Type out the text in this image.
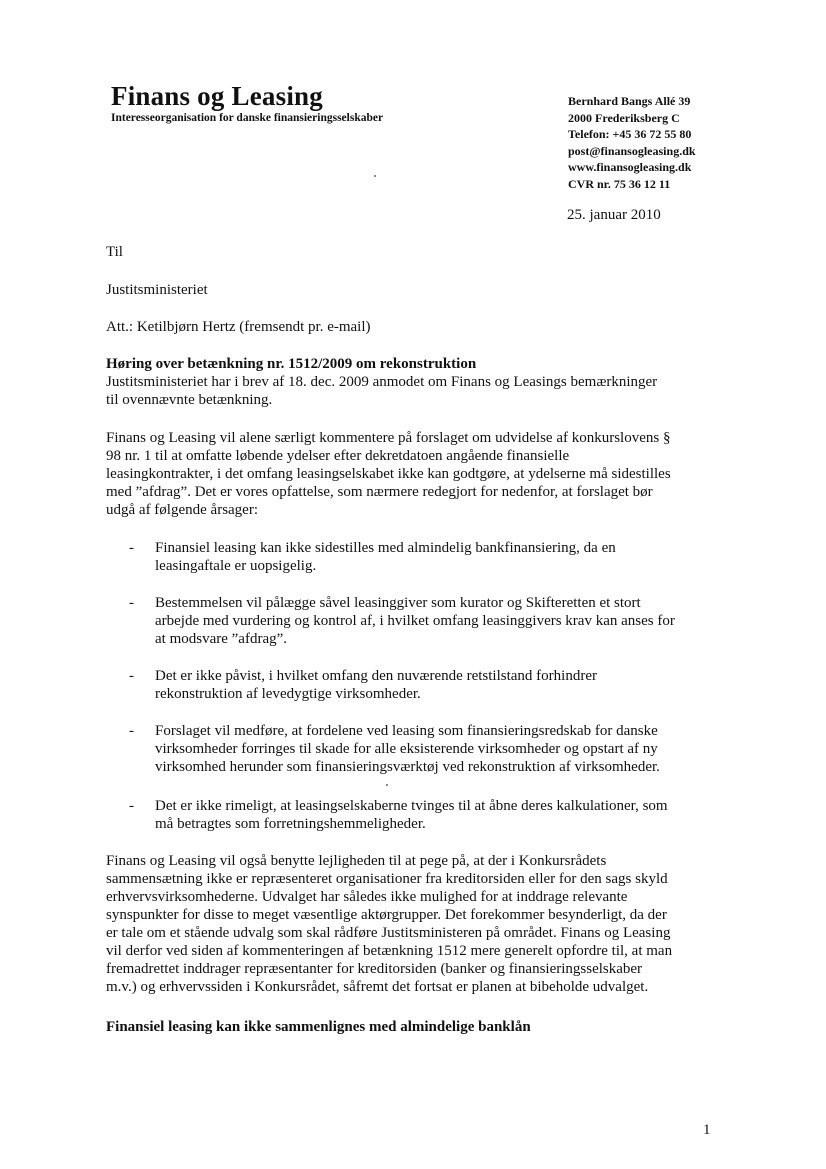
Finans og Leasing
Interesseorganisation for danske finansieringsselskaber
Bernhard Bangs Allé 39
2000 Frederiksberg C
Telefon: +45 36 72 55 80
post@finansogleasing.dk
www.finansogleasing.dk
CVR nr. 75 36 12 11
25. januar 2010
Til
Justitsministeriet
Att.: Ketilbjørn Hertz (fremsendt pr. e-mail)
Høring over betænkning nr. 1512/2009 om rekonstruktion
Justitsministeriet har i brev af 18. dec. 2009 anmodet om Finans og Leasings bemærkninger
til ovennævnte betænkning.
Finans og Leasing vil alene særligt kommentere på forslaget om udvidelse af konkurslovens §
98 nr. 1 til at omfatte løbende ydelser efter dekretdatoen angående finansielle
leasingkontrakter, i det omfang leasingselskabet ikke kan godtgøre, at ydelserne må sidestilles
med ”afdrag”. Det er vores opfattelse, som nærmere redegjort for nedenfor, at forslaget bør
udgå af følgende årsager:
- Finansiel leasing kan ikke sidestilles med almindelig bankfinansiering, da en
leasingaftale er uopsigelig.
- Bestemmelsen vil pålægge såvel leasinggiver som kurator og Skifteretten et stort
arbejde med vurdering og kontrol af, i hvilket omfang leasinggivers krav kan anses for
at modsvare ”afdrag”.
- Det er ikke påvist, i hvilket omfang den nuværende retstilstand forhindrer
rekonstruktion af levedygtige virksomheder.
- Forslaget vil medføre, at fordelene ved leasing som finansieringsredskab for danske
virksomheder forringes til skade for alle eksisterende virksomheder og opstart af ny
virksomhed herunder som finansieringsværktøj ved rekonstruktion af virksomheder.
- Det er ikke rimeligt, at leasingselskaberne tvinges til at åbne deres kalkulationer, som
må betragtes som forretningshemmeligheder.
Finans og Leasing vil også benytte lejligheden til at pege på, at der i Konkursrådets
sammensætning ikke er repræsenteret organisationer fra kreditorsiden eller for den sags skyld
erhvervsvirksomhederne. Udvalget har således ikke mulighed for at inddrage relevante
synspunkter for disse to meget væsentlige aktørgrupper. Det forekommer besynderligt, da der
er tale om et stående udvalg som skal rådføre Justitsministeren på området. Finans og Leasing
vil derfor ved siden af kommenteringen af betænkning 1512 mere generelt opfordre til, at man
fremadrettet inddrager repræsentanter for kreditorsiden (banker og finansieringsselskaber
m.v.) og erhvervssiden i Konkursrådet, såfremt det fortsat er planen at bibeholde udvalget.
Finansiel leasing kan ikke sammenlignes med almindelige banklån
1
